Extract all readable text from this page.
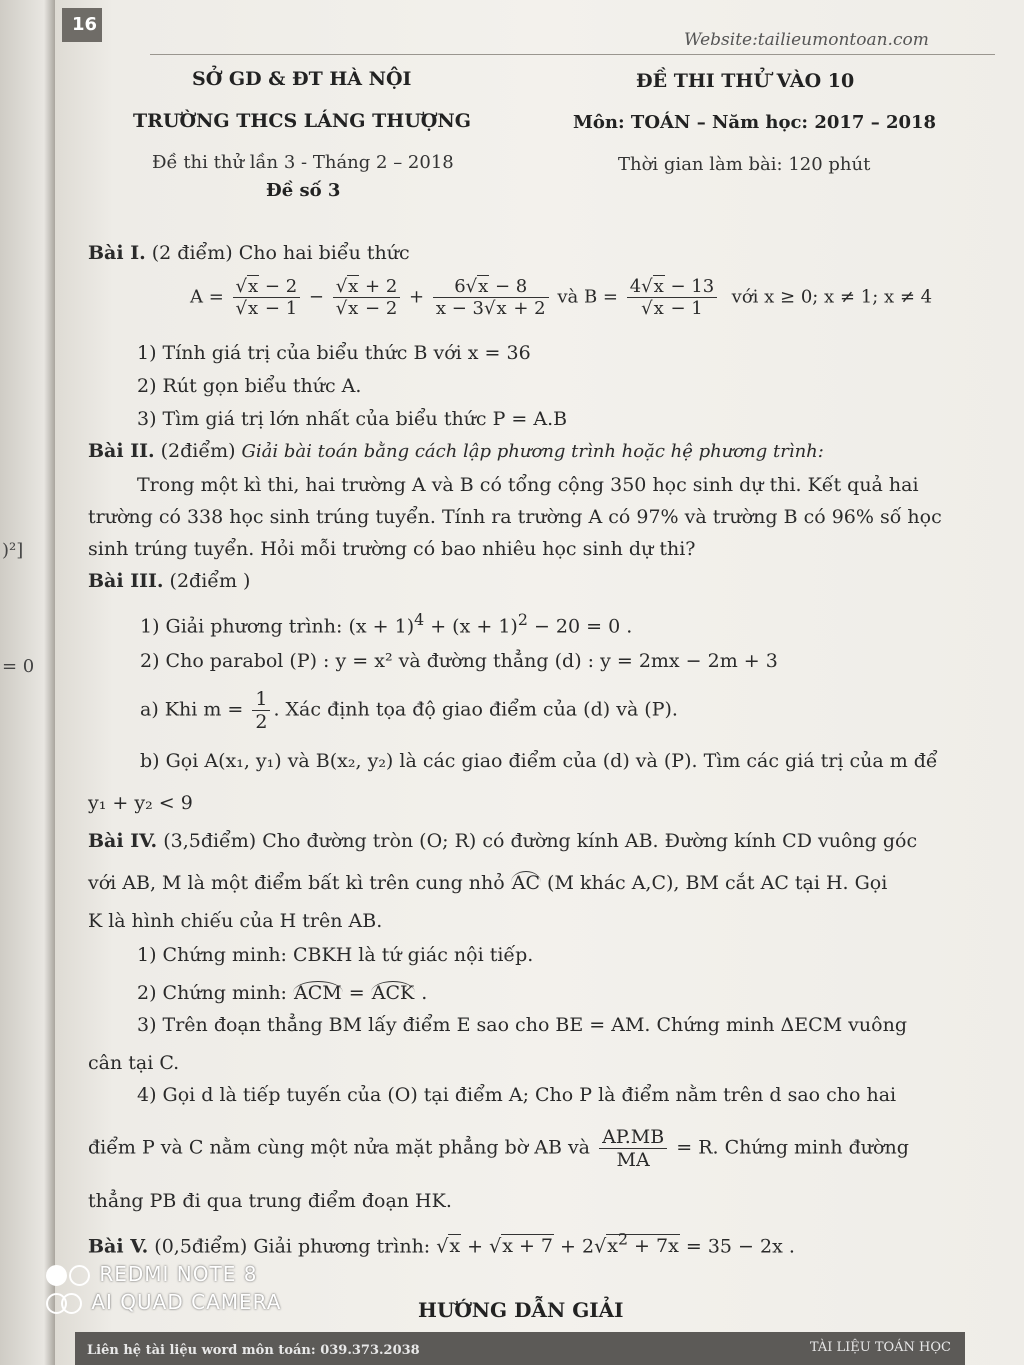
)²]
= 0
16
Website:tailieumontoan.com
SỞ GD & ĐT HÀ NỘI
TRƯỜNG THCS LÁNG THƯỢNG
Đề thi thử lần 3 - Tháng 2 – 2018
Đề số 3
ĐỀ THI THỬ VÀO 10
Môn: TOÁN – Năm học: 2017 – 2018
Thời gian làm bài: 120 phút
Bài I. (2 điểm) Cho hai biểu thức
$A = \frac{√x - 2}{√x - 1} - \frac{√x + 2}{√x - 2} + \frac{6√x - 8}{x - 3√x + 2}$ và $B = \frac{4√x - 13}{√x - 1}$ với x ≥ 0; x ≠ 1; x ≠ 4
1) Tính giá trị của biểu thức B với x = 36
2) Rút gọn biểu thức A.
3) Tìm giá trị lớn nhất của biểu thức P = A.B
Bài II. (2điểm) Giải bài toán bằng cách lập phương trình hoặc hệ phương trình:
Trong một kì thi, hai trường A và B có tổng cộng 350 học sinh dự thi. Kết quả hai
trường có 338 học sinh trúng tuyển. Tính ra trường A có 97% và trường B có 96% số học
sinh trúng tuyển. Hỏi mỗi trường có bao nhiêu học sinh dự thi?
Bài III. (2điểm )
1) Giải phương trình: $(x + 1)^4 + (x + 1)^2 - 20 = 0$ .
2) Cho parabol (P) : y = x² và đường thẳng (d) : y = 2mx − 2m + 3
a) Khi $m = \frac{1}{2}$ . Xác định tọa độ giao điểm của (d) và (P).
b) Gọi A(x₁, y₁) và B(x₂, y₂) là các giao điểm của (d) và (P). Tìm các giá trị của m để
y₁ + y₂ < 9
Bài IV. (3,5điểm) Cho đường tròn (O; R) có đường kính AB. Đường kính CD vuông góc
với AB, M là một điểm bất kì trên cung nhỏ AC (M khác A,C), BM cắt AC tại H. Gọi
K là hình chiếu của H trên AB.
1) Chứng minh: CBKH là tứ giác nội tiếp.
2) Chứng minh: ACM = ACK .
3) Trên đoạn thẳng BM lấy điểm E sao cho BE = AM. Chứng minh ΔECM vuông
cân tại C.
4) Gọi d là tiếp tuyến của (O) tại điểm A; Cho P là điểm nằm trên d sao cho hai
điểm P và C nằm cùng một nửa mặt phẳng bờ AB và $\frac{AP.MB}{MA} = R$. Chứng minh đường
thẳng PB đi qua trung điểm đoạn HK.
Bài V. (0,5điểm) Giải phương trình: $√x + √x + 7 + 2√x^2 + 7x = 35 - 2x$ .
HƯỚNG DẪN GIẢI
REDMI NOTE 8
AI QUAD CAMERA
Liên hệ tài liệu word môn toán: 039.373.2038	TÀI LIỆU TOÁN HỌC
